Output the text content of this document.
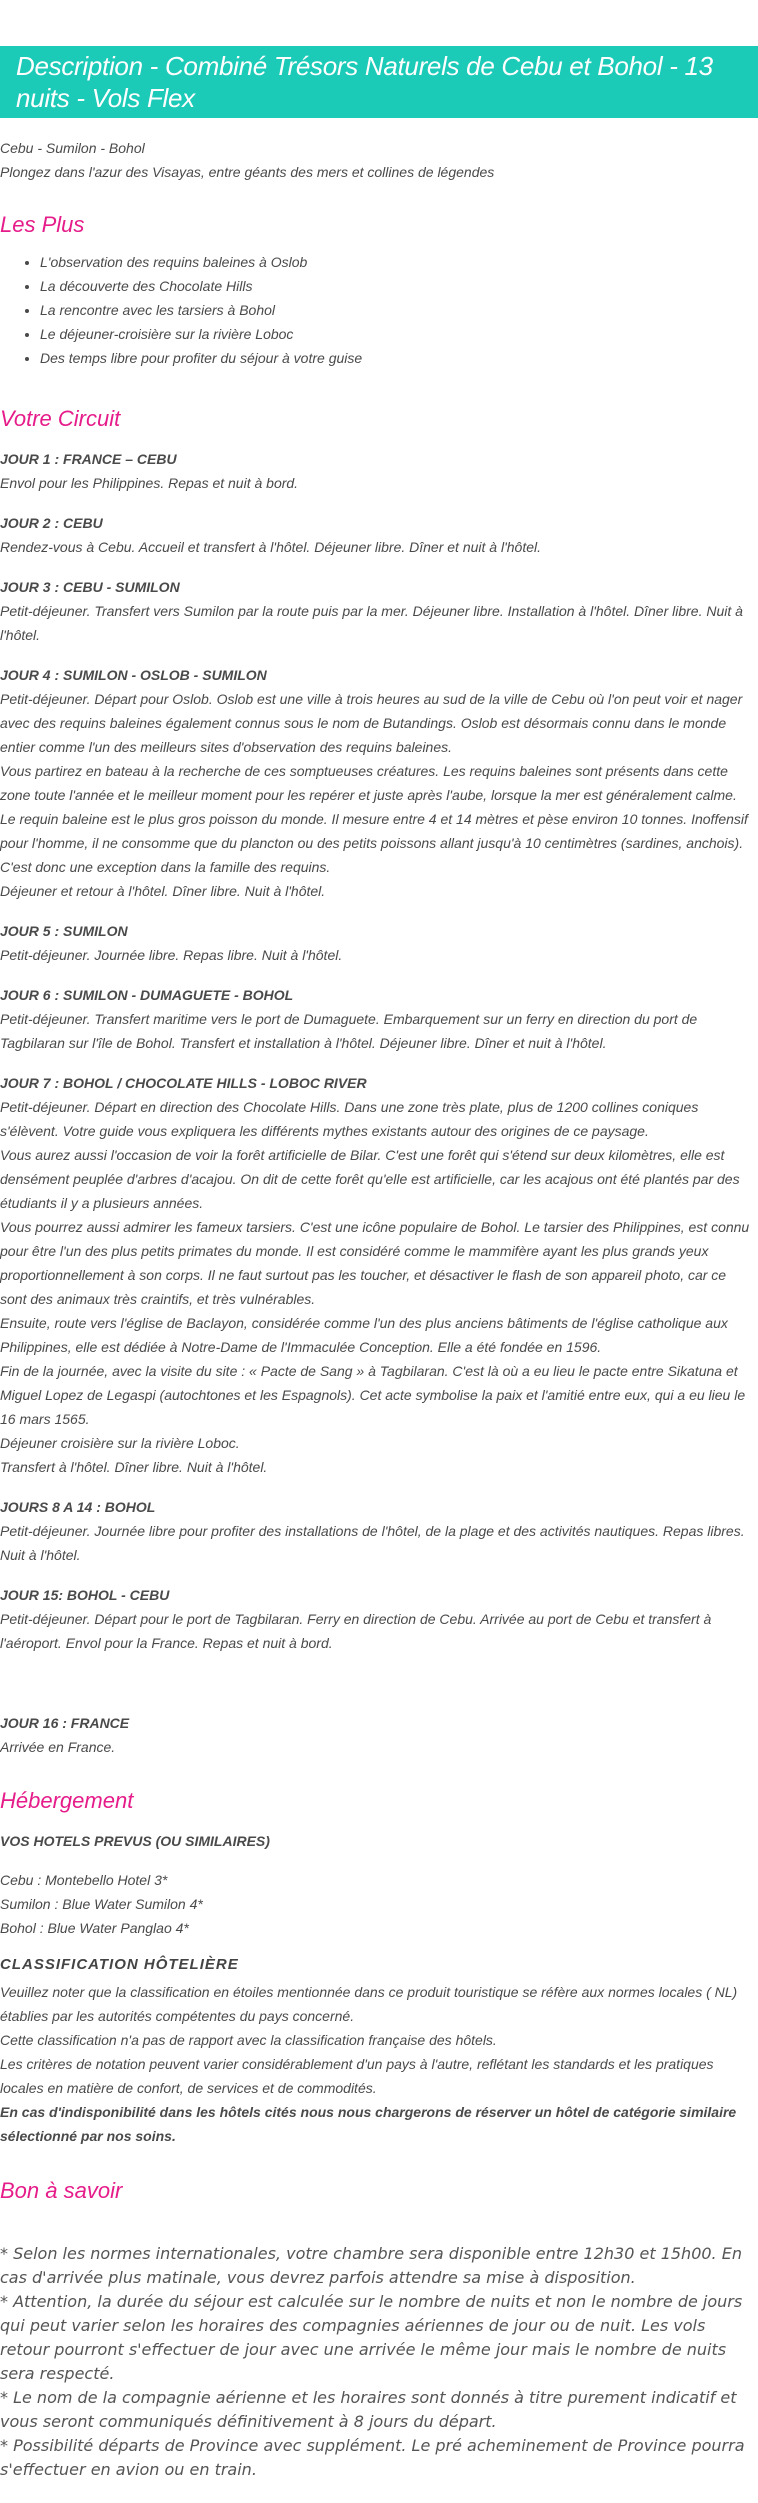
Description - Combiné Trésors Naturels de Cebu et Bohol - 13 nuits - Vols Flex
Cebu - Sumilon - Bohol
Plongez dans l'azur des Visayas, entre géants des mers et collines de légendes
Les Plus
• L'observation des requins baleines à Oslob
• La découverte des Chocolate Hills
• La rencontre avec les tarsiers à Bohol
• Le déjeuner-croisière sur la rivière Loboc
• Des temps libre pour profiter du séjour à votre guise
Votre Circuit
JOUR 1 : FRANCE – CEBU
Envol pour les Philippines. Repas et nuit à bord.
JOUR 2 : CEBU
Rendez-vous à Cebu. Accueil et transfert à l'hôtel. Déjeuner libre. Dîner et nuit à l'hôtel.
JOUR 3 : CEBU - SUMILON
Petit-déjeuner. Transfert vers Sumilon par la route puis par la mer. Déjeuner libre. Installation à l'hôtel. Dîner libre. Nuit à l'hôtel.
JOUR 4 : SUMILON - OSLOB - SUMILON
Petit-déjeuner. Départ pour Oslob. Oslob est une ville à trois heures au sud de la ville de Cebu où l'on peut voir et nager avec des requins baleines également connus sous le nom de Butandings. Oslob est désormais connu dans le monde entier comme l'un des meilleurs sites d'observation des requins baleines.
Vous partirez en bateau à la recherche de ces somptueuses créatures. Les requins baleines sont présents dans cette zone toute l'année et le meilleur moment pour les repérer et juste après l'aube, lorsque la mer est généralement calme. Le requin baleine est le plus gros poisson du monde. Il mesure entre 4 et 14 mètres et pèse environ 10 tonnes. Inoffensif pour l'homme, il ne consomme que du plancton ou des petits poissons allant jusqu'à 10 centimètres (sardines, anchois). C'est donc une exception dans la famille des requins.
Déjeuner et retour à l'hôtel. Dîner libre. Nuit à l'hôtel.
JOUR 5 : SUMILON
Petit-déjeuner. Journée libre. Repas libre. Nuit à l'hôtel.
JOUR 6 : SUMILON - DUMAGUETE - BOHOL
Petit-déjeuner. Transfert maritime vers le port de Dumaguete. Embarquement sur un ferry en direction du port de Tagbilaran sur l'île de Bohol. Transfert et installation à l'hôtel. Déjeuner libre. Dîner et nuit à l'hôtel.
JOUR 7 : BOHOL / CHOCOLATE HILLS - LOBOC RIVER
Petit-déjeuner. Départ en direction des Chocolate Hills. Dans une zone très plate, plus de 1200 collines coniques s'élèvent. Votre guide vous expliquera les différents mythes existants autour des origines de ce paysage.
Vous aurez aussi l'occasion de voir la forêt artificielle de Bilar. C'est une forêt qui s'étend sur deux kilomètres, elle est densément peuplée d'arbres d'acajou. On dit de cette forêt qu'elle est artificielle, car les acajous ont été plantés par des étudiants il y a plusieurs années.
Vous pourrez aussi admirer les fameux tarsiers. C'est une icône populaire de Bohol. Le tarsier des Philippines, est connu pour être l'un des plus petits primates du monde. Il est considéré comme le mammifère ayant les plus grands yeux proportionnellement à son corps. Il ne faut surtout pas les toucher, et désactiver le flash de son appareil photo, car ce sont des animaux très craintifs, et très vulnérables.
Ensuite, route vers l'église de Baclayon, considérée comme l'un des plus anciens bâtiments de l'église catholique aux Philippines, elle est dédiée à Notre-Dame de l'Immaculée Conception. Elle a été fondée en 1596.
Fin de la journée, avec la visite du site : « Pacte de Sang » à Tagbilaran. C'est là où a eu lieu le pacte entre Sikatuna et Miguel Lopez de Legaspi (autochtones et les Espagnols). Cet acte symbolise la paix et l'amitié entre eux, qui a eu lieu le 16 mars 1565.
Déjeuner croisière sur la rivière Loboc.
Transfert à l'hôtel. Dîner libre. Nuit à l'hôtel.
JOURS 8 A 14 : BOHOL
Petit-déjeuner. Journée libre pour profiter des installations de l'hôtel, de la plage et des activités nautiques. Repas libres. Nuit à l'hôtel.
JOUR 15: BOHOL - CEBU
Petit-déjeuner. Départ pour le port de Tagbilaran. Ferry en direction de Cebu. Arrivée au port de Cebu et transfert à l'aéroport. Envol pour la France. Repas et nuit à bord.
JOUR 16 : FRANCE
Arrivée en France.
Hébergement
VOS HOTELS PREVUS (OU SIMILAIRES)
Cebu : Montebello Hotel 3*
Sumilon : Blue Water Sumilon 4*
Bohol : Blue Water Panglao 4*
CLASSIFICATION HÔTELIÈRE
Veuillez noter que la classification en étoiles mentionnée dans ce produit touristique se réfère aux normes locales ( NL) établies par les autorités compétentes du pays concerné.
Cette classification n'a pas de rapport avec la classification française des hôtels.
Les critères de notation peuvent varier considérablement d'un pays à l'autre, reflétant les standards et les pratiques locales en matière de confort, de services et de commodités.
En cas d'indisponibilité dans les hôtels cités nous nous chargerons de réserver un hôtel de catégorie similaire sélectionné par nos soins.
Bon à savoir
* Selon les normes internationales, votre chambre sera disponible entre 12h30 et 15h00. En cas d'arrivée plus matinale, vous devrez parfois attendre sa mise à disposition.
* Attention, la durée du séjour est calculée sur le nombre de nuits et non le nombre de jours qui peut varier selon les horaires des compagnies aériennes de jour ou de nuit. Les vols retour pourront s'effectuer de jour avec une arrivée le même jour mais le nombre de nuits sera respecté.
* Le nom de la compagnie aérienne et les horaires sont donnés à titre purement indicatif et vous seront communiqués définitivement à 8 jours du départ.
* Possibilité départs de Province avec supplément. Le pré acheminement de Province pourra s'effectuer en avion ou en train.
